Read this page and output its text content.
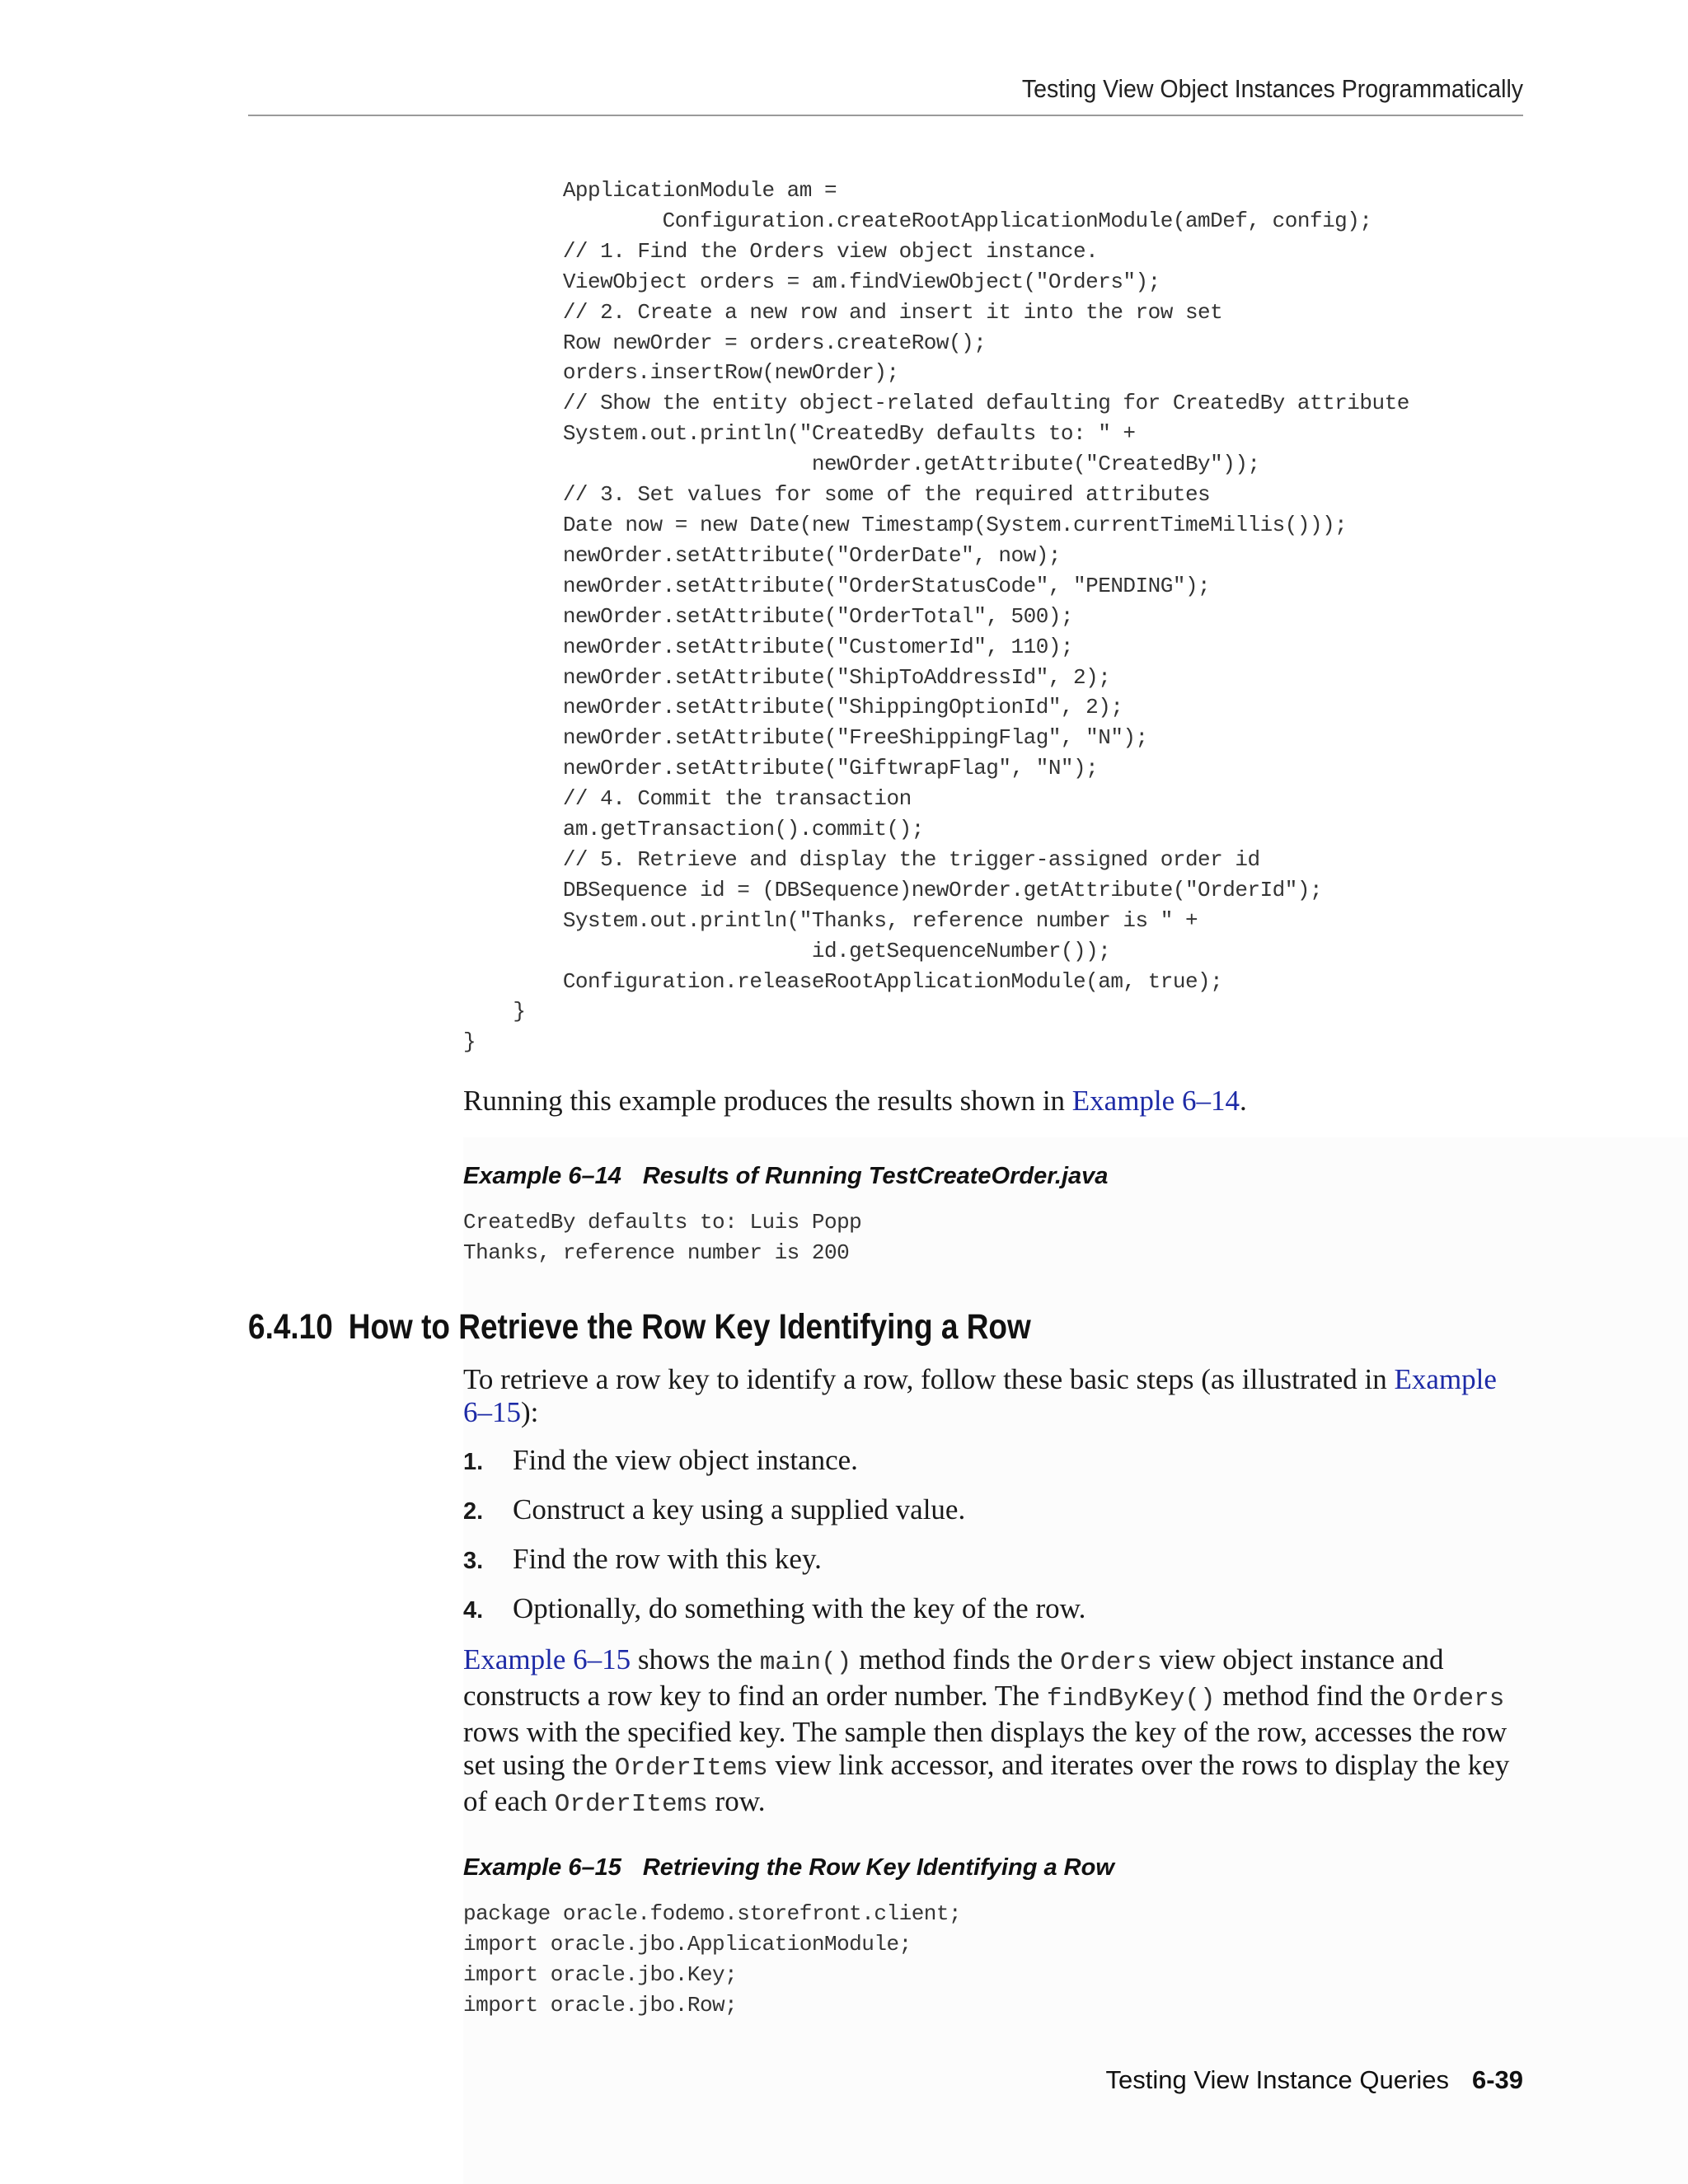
Testing View Object Instances Programmatically
ApplicationModule am =
Configuration.createRootApplicationModule(amDef, config);
// 1. Find the Orders view object instance.
ViewObject orders = am.findViewObject("Orders");
// 2. Create a new row and insert it into the row set
Row newOrder = orders.createRow();
orders.insertRow(newOrder);
// Show the entity object-related defaulting for CreatedBy attribute
System.out.println("CreatedBy defaults to: " +
newOrder.getAttribute("CreatedBy"));
// 3. Set values for some of the required attributes
Date now = new Date(new Timestamp(System.currentTimeMillis()));
newOrder.setAttribute("OrderDate", now);
newOrder.setAttribute("OrderStatusCode", "PENDING");
newOrder.setAttribute("OrderTotal", 500);
newOrder.setAttribute("CustomerId", 110);
newOrder.setAttribute("ShipToAddressId", 2);
newOrder.setAttribute("ShippingOptionId", 2);
newOrder.setAttribute("FreeShippingFlag", "N");
newOrder.setAttribute("GiftwrapFlag", "N");
// 4. Commit the transaction
am.getTransaction().commit();
// 5. Retrieve and display the trigger-assigned order id
DBSequence id = (DBSequence)newOrder.getAttribute("OrderId");
System.out.println("Thanks, reference number is " +
id.getSequenceNumber());
Configuration.releaseRootApplicationModule(am, true);
}
}

Running this example produces the results shown in Example 6–14.

Example 6–14 Results of Running TestCreateOrder.java
CreatedBy defaults to: Luis Popp
Thanks, reference number is 200
6.4.10 How to Retrieve the Row Key Identifying a Row

To retrieve a row key to identify a row, follow these basic steps (as illustrated in Example 6–15):

1. Find the view object instance.
2. Construct a key using a supplied value.
3. Find the row with this key.
4. Optionally, do something with the key of the row.

Example 6–15 shows the main() method finds the Orders view object instance and constructs a row key to find an order number. The findByKey() method find the Orders rows with the specified key. The sample then displays the key of the row, accesses the row set using the OrderItems view link accessor, and iterates over the rows to display the key of each OrderItems row.

Example 6–15 Retrieving the Row Key Identifying a Row
package oracle.fodemo.storefront.client;
import oracle.jbo.ApplicationModule;
import oracle.jbo.Key;
import oracle.jbo.Row;
Testing View Instance Queries 6-39
